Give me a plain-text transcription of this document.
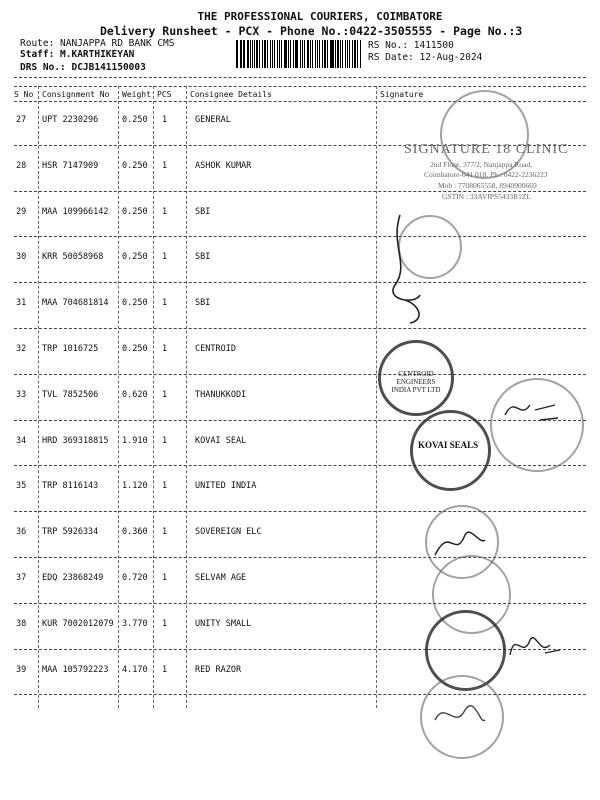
THE PROFESSIONAL COURIERS, COIMBATORE
Delivery Runsheet - PCX - Phone No.:0422-3505555 - Page No.:3
Route: NANJAPPA RD BANK CMS
Staff: M.KARTHIKEYAN
DRS No.: DCJB141150003
RS No.: 1411500
RS Date: 12-Aug-2024
S No Consignment No Weight PCS Consignee Details	Signature
27 UPT 2230296	0.250 1	GENERAL
28 HSR 7147909	0.250 1	ASHOK KUMAR
29 MAA 109966142 0.250 1	SBI
30 KRR 50058968 0.250 1	SBI
31 MAA 704681814 0.250 1	SBI
32 TRP 1016725	0.250 1	CENTROID
33 TVL 7852506	0.620 1	THANUKKODI
34 HRD 369318815 1.910 1	KOVAI SEAL
35 TRP 8116143	1.120 1	UNITED INDIA
36 TRP 5926334	0.360 1	SOVEREIGN ELC
37 EDQ 23868249 0.720 1	SELVAM AGE
38 KUR 7002012079 3.770 1	UNITY SMALL
39 MAA 105792223 4.170 1	RED RAZOR
SIGNATURE 18 CLINIC
2nd Floor, 377/2, Nanjappa Road,
Coimbatore-641 018. Ph : 0422-2236223
Mob : 7708065558, 8940900669
GSTIN : 33AVIPS5433R1ZL
CENTROID ENGINEERS INDIA PVT LTD
KOVAI SEALS
